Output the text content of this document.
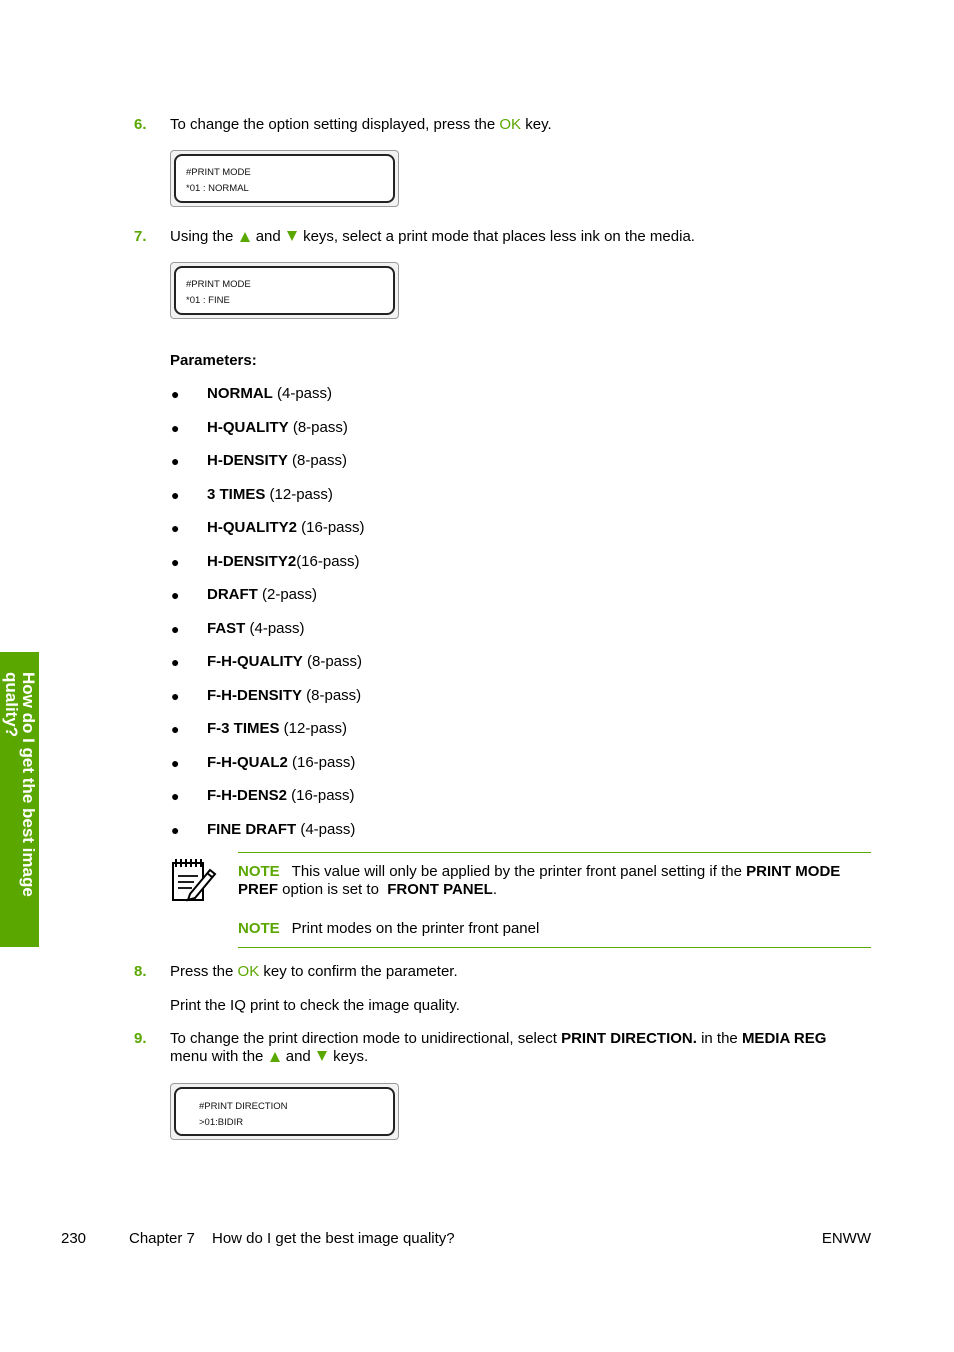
How do I get the best image quality?
6. To change the option setting displayed, press the OK key.
#PRINT MODE
*01 : NORMAL
7. Using the  and  keys, select a print mode that places less ink on the media.
#PRINT MODE
*01 : FINE
Parameters:
● NORMAL (4-pass)
● H-QUALITY (8-pass)
● H-DENSITY (8-pass)
● 3 TIMES (12-pass)
● H-QUALITY2 (16-pass)
● H-DENSITY2(16-pass)
● DRAFT (2-pass)
● FAST (4-pass)
● F-H-QUALITY (8-pass)
● F-H-DENSITY (8-pass)
● F-3 TIMES (12-pass)
● F-H-QUAL2 (16-pass)
● F-H-DENS2 (16-pass)
● FINE DRAFT (4-pass)
NOTE This value will only be applied by the printer front panel setting if the PRINT MODE
PREF option is set to  FRONT PANEL.
NOTE Print modes on the printer front panel
8. Press the OK key to confirm the parameter.
Print the IQ print to check the image quality.
9. To change the print direction mode to unidirectional, select PRINT DIRECTION. in the MEDIA REG
menu with the  and  keys.
#PRINT DIRECTION
>01:BIDIR
230	Chapter 7 How do I get the best image quality?	ENWW
